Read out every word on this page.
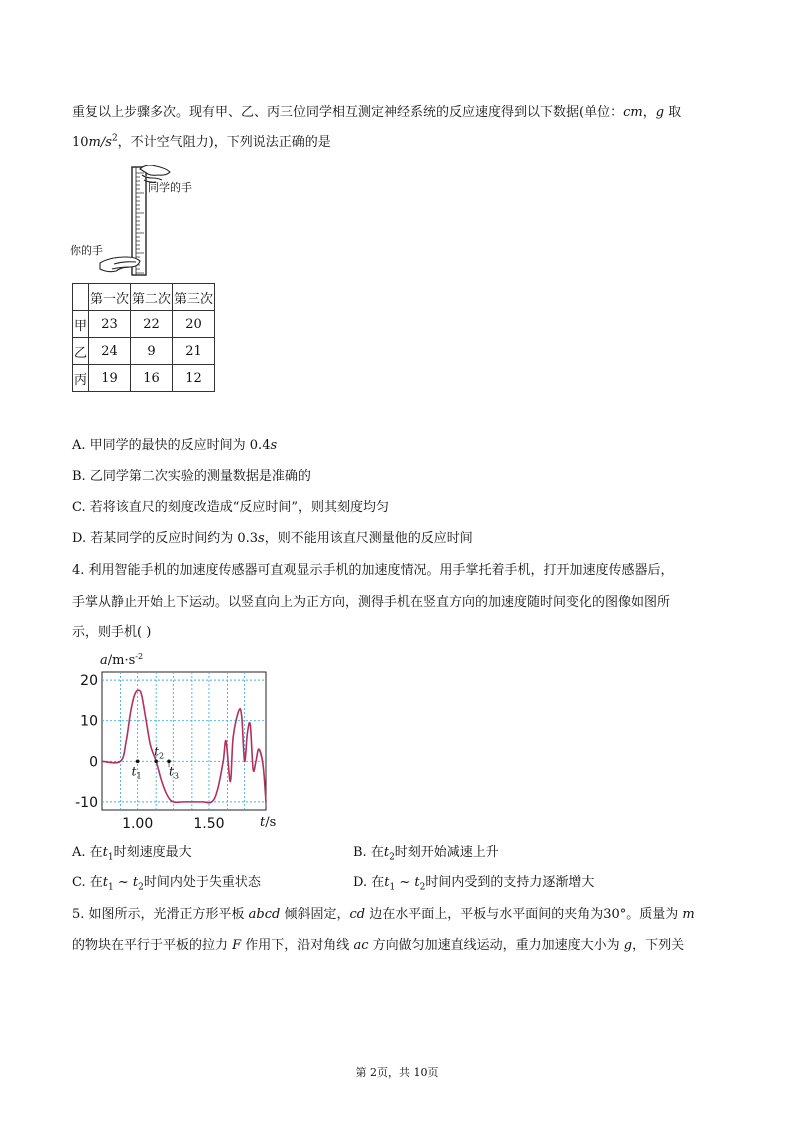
重复以上步骤多次。现有甲、乙、丙三位同学相互测定神经系统的反应速度得到以下数据(单位：cm，g 取
$10m/s^2$，不计空气阻力)，下列说法正确的是
同学的手
你的手
	第一次	第二次	第三次
甲	23	22	20
乙	24	9	21
丙	19	16	12
A. 甲同学的最快的反应时间为 0.4s
B. 乙同学第二次实验的测量数据是准确的
C. 若将该直尺的刻度改造成“反应时间”，则其刻度均匀
D. 若某同学的反应时间约为 0.3s，则不能用该直尺测量他的反应时间
4. 利用智能手机的加速度传感器可直观显示手机的加速度情况。用手掌托着手机，打开加速度传感器后，
手掌从静止开始上下运动。以竖直向上为正方向，测得手机在竖直方向的加速度随时间变化的图像如图所
示，则手机( )
$a/m\cdot s^{-2}$
20
10
0
-10
1.00	1.50
$t_1$
$t_2$
$t_3$
t/s
A. 在$t_1$时刻速度最大	B. 在$t_2$时刻开始减速上升
C. 在$t_1$ ~ $t_2$时间内处于失重状态	D. 在$t_1$ ~ $t_2$时间内受到的支持力逐渐增大
5. 如图所示，光滑正方形平板 abcd 倾斜固定，cd 边在水平面上，平板与水平面间的夹角为30°。质量为 m
的物块在平行于平板的拉力 F 作用下，沿对角线 ac 方向做匀加速直线运动，重力加速度大小为 g，下列关
第 2页，共 10页
